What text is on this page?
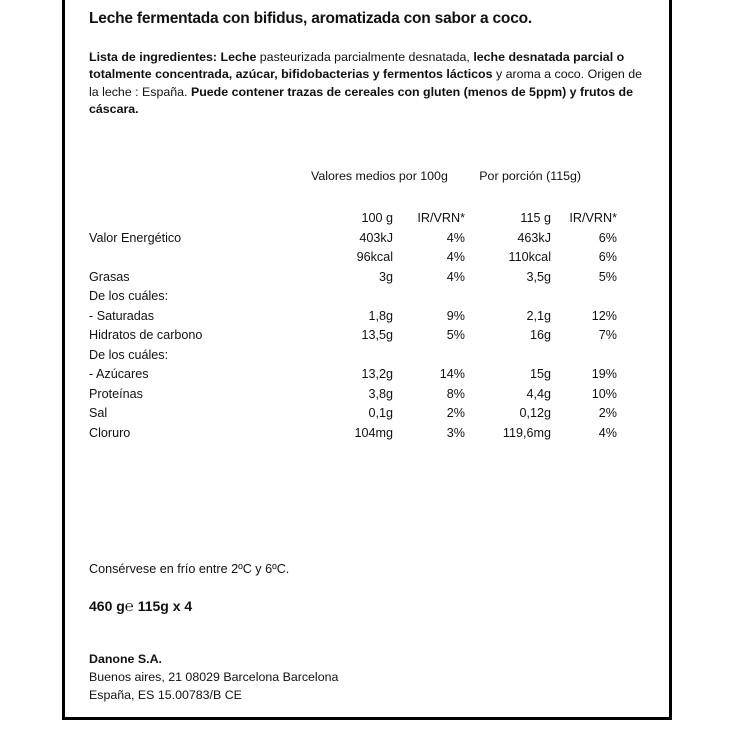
Leche fermentada con bifidus, aromatizada con sabor a coco.
Lista de ingredientes: Leche pasteurizada parcialmente desnatada, leche desnatada parcial o totalmente concentrada, azúcar, bifidobacterias y fermentos lácticos y aroma a coco. Origen de la leche : España. Puede contener trazas de cereales con gluten (menos de 5ppm) y frutos de cáscara.
Valores medios por 100g	Por porción (115g)
	100 g	IR/VRN*	115 g	IR/VRN*
Valor Energético	403kJ	4%	463kJ	6%
	96kcal	4%	110kcal	6%
Grasas	3g	4%	3,5g	5%
De los cuáles:				
- Saturadas	1,8g	9%	2,1g	12%
Hidratos de carbono	13,5g	5%	16g	7%
De los cuáles:				
- Azúcares	13,2g	14%	15g	19%
Proteínas	3,8g	8%	4,4g	10%
Sal	0,1g	2%	0,12g	2%
Cloruro	104mg	3%	119,6mg	4%
Consérvese en frío entre 2ºC y 6ºC.
460 g℮ 115g x 4
Danone S.A.
Buenos aires, 21 08029 Barcelona Barcelona
España, ES 15.00783/B CE
